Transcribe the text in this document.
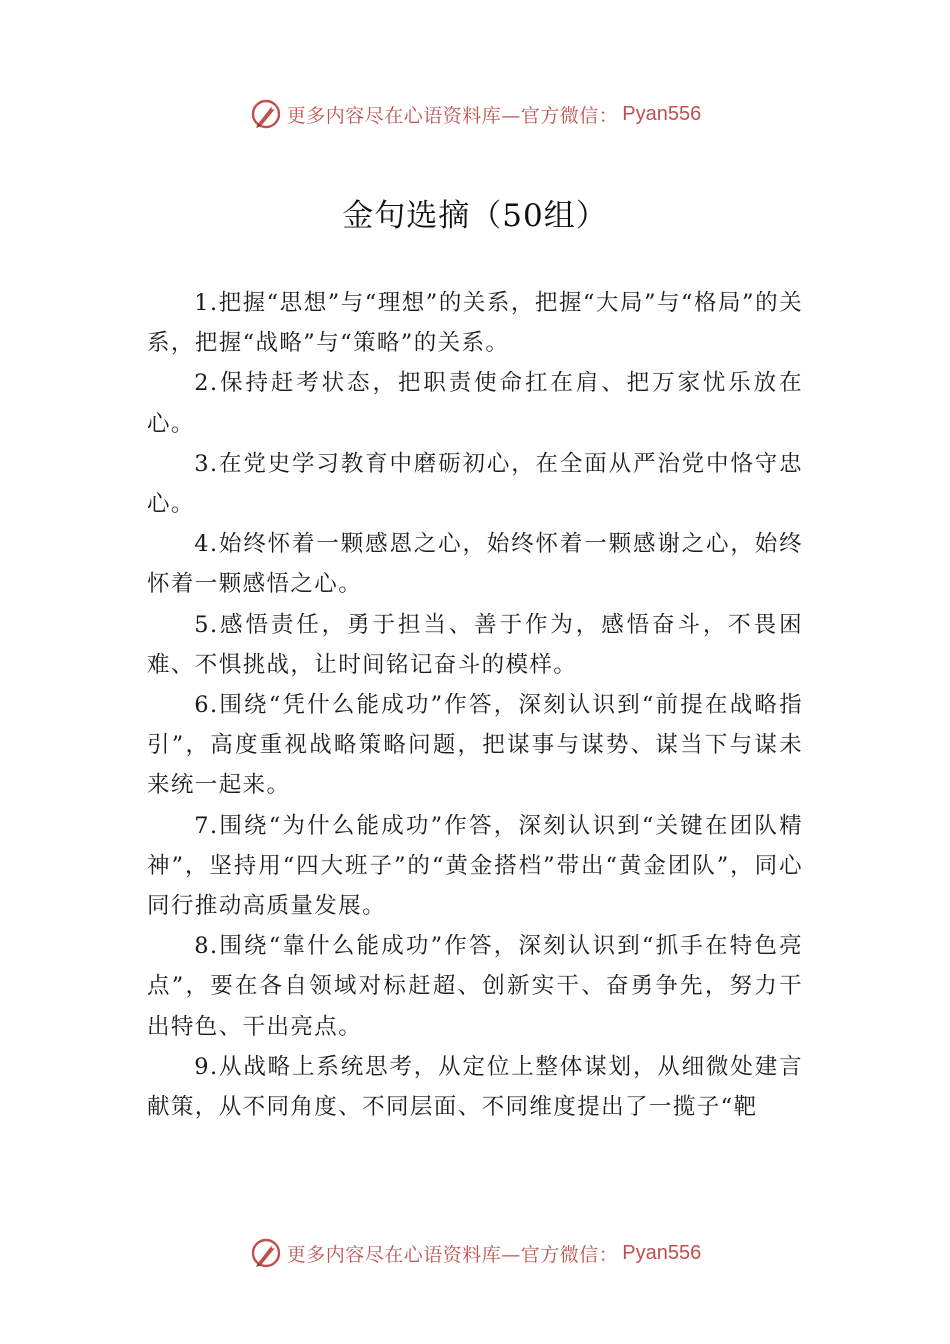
更多内容尽在心语资料库—官方微信： Pyan556
金句选摘（50组）

1.把握“思想”与“理想”的关系，把握“大局”与“格局”的关系，把握“战略”与“策略”的关系。

2.保持赶考状态，把职责使命扛在肩、把万家忧乐放在心。

3.在党史学习教育中磨砺初心，在全面从严治党中恪守忠心。

4.始终怀着一颗感恩之心，始终怀着一颗感谢之心，始终怀着一颗感悟之心。

5.感悟责任，勇于担当、善于作为，感悟奋斗，不畏困难、不惧挑战，让时间铭记奋斗的模样。

6.围绕“凭什么能成功”作答，深刻认识到“前提在战略指引”，高度重视战略策略问题，把谋事与谋势、谋当下与谋未来统一起来。

7.围绕“为什么能成功”作答，深刻认识到“关键在团队精神”，坚持用“四大班子”的“黄金搭档”带出“黄金团队”，同心同行推动高质量发展。

8.围绕“靠什么能成功”作答，深刻认识到“抓手在特色亮点”，要在各自领域对标赶超、创新实干、奋勇争先，努力干出特色、干出亮点。

9.从战略上系统思考，从定位上整体谋划，从细微处建言献策，从不同角度、不同层面、不同维度提出了一揽子“靶

更多内容尽在心语资料库—官方微信： Pyan556
